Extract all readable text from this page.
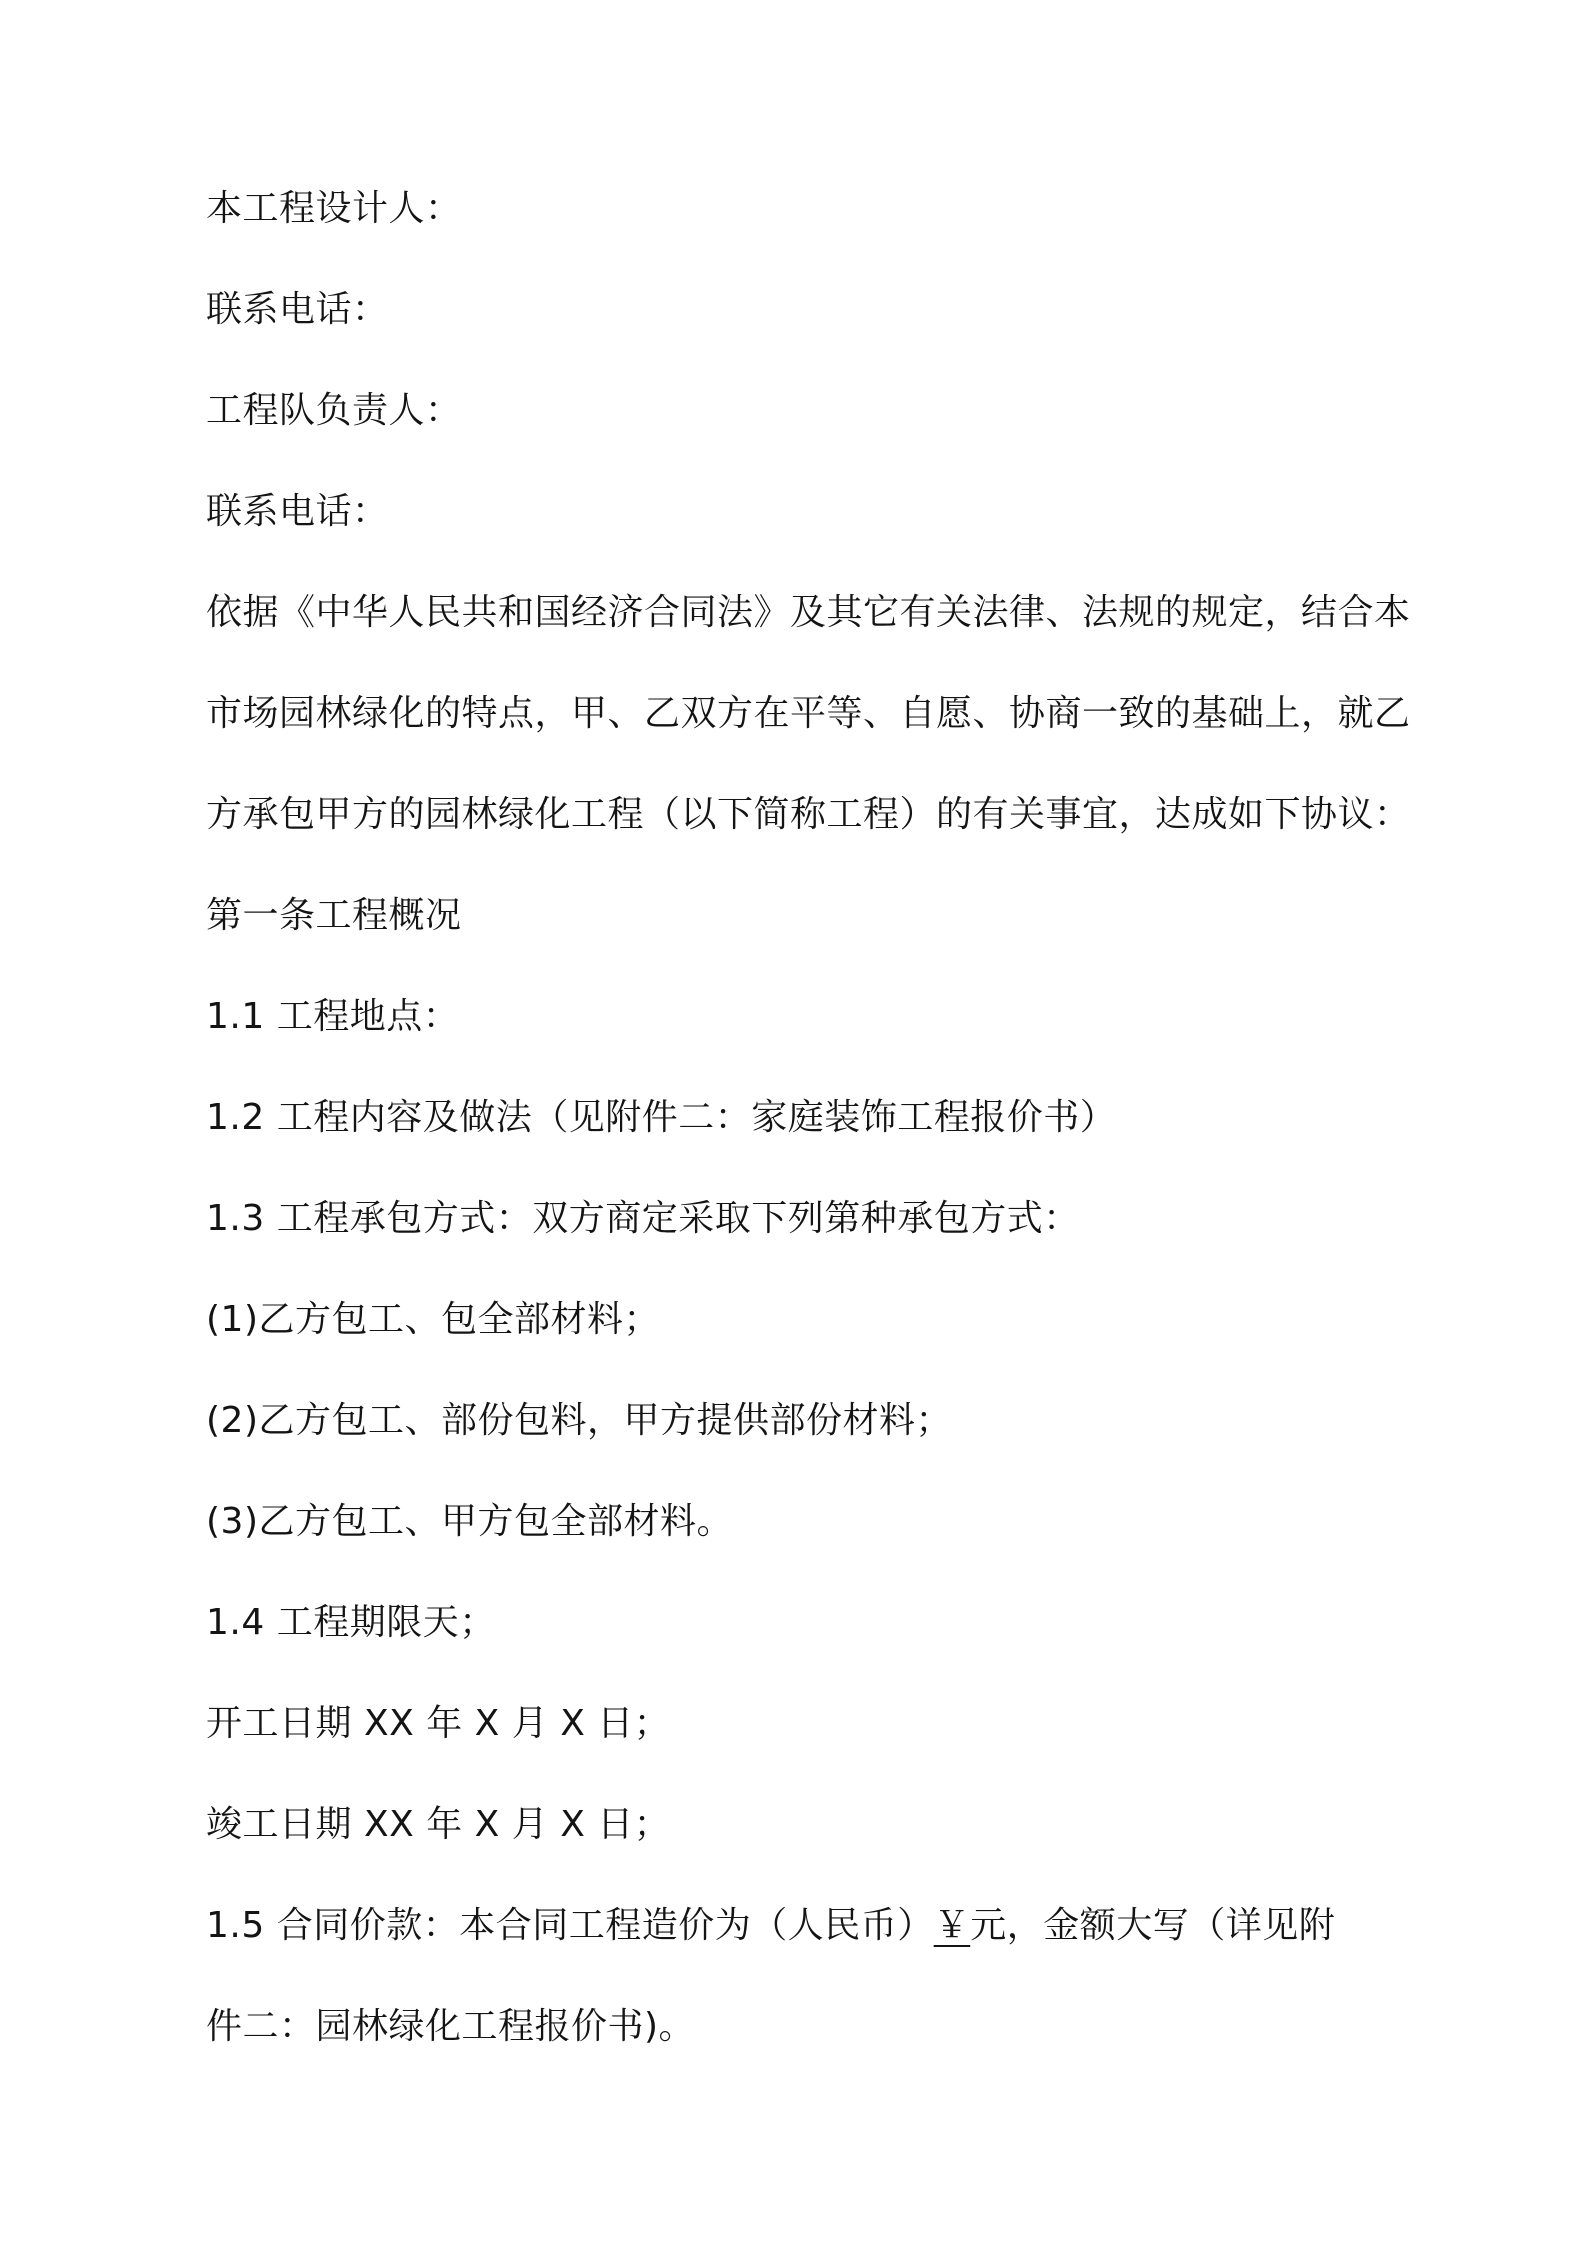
本工程设计人：
联系电话：
工程队负责人：
联系电话：
依据《中华人民共和国经济合同法》及其它有关法律、法规的规定，结合本
市场园林绿化的特点，甲、乙双方在平等、自愿、协商一致的基础上，就乙
方承包甲方的园林绿化工程（以下简称工程）的有关事宜，达成如下协议：
第一条工程概况
1.1 工程地点：
1.2 工程内容及做法（见附件二：家庭装饰工程报价书）
1.3 工程承包方式：双方商定采取下列第种承包方式：
(1)乙方包工、包全部材料；
(2)乙方包工、部份包料，甲方提供部份材料；
(3)乙方包工、甲方包全部材料。
1.4 工程期限天；
开工日期 XX 年 X 月 X 日；
竣工日期 XX 年 X 月 X 日；
1.5 合同价款：本合同工程造价为（人民币）￥元，金额大写（详见附
件二：园林绿化工程报价书)。
